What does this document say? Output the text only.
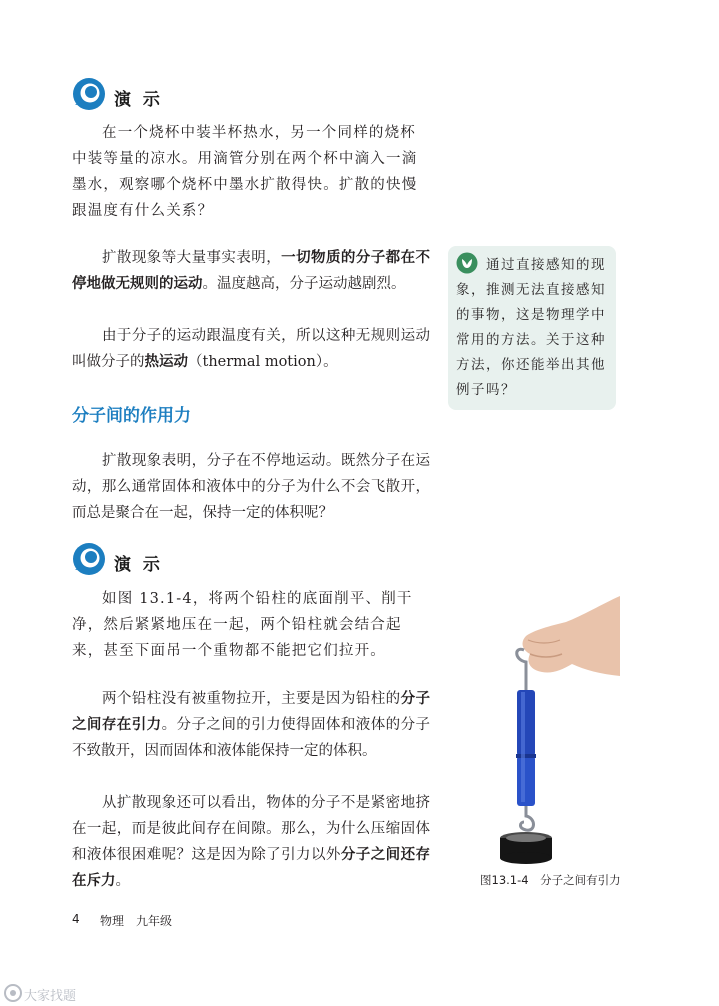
演 示
在一个烧杯中装半杯热水，另一个同样的烧杯中装等量的凉水。用滴管分别在两个杯中滴入一滴墨水，观察哪个烧杯中墨水扩散得快。扩散的快慢跟温度有什么关系？

扩散现象等大量事实表明，一切物质的分子都在不停地做无规则的运动。温度越高，分子运动越剧烈。

由于分子的运动跟温度有关，所以这种无规则运动叫做分子的热运动（thermal motion）。

通过直接感知的现象，推测无法直接感知的事物，这是物理学中常用的方法。关于这种方法，你还能举出其他例子吗？
分子间的作用力

扩散现象表明，分子在不停地运动。既然分子在运动，那么通常固体和液体中的分子为什么不会飞散开，而总是聚合在一起，保持一定的体积呢？

演 示
如图 13.1-4，将两个铅柱的底面削平、削干净，然后紧紧地压在一起，两个铅柱就会结合起来，甚至下面吊一个重物都不能把它们拉开。

两个铅柱没有被重物拉开，主要是因为铅柱的分子之间存在引力。分子之间的引力使得固体和液体的分子不致散开，因而固体和液体能保持一定的体积。

从扩散现象还可以看出，物体的分子不是紧密地挤在一起，而是彼此间存在间隙。那么，为什么压缩固体和液体很困难呢？这是因为除了引力以外分子之间还存在斥力。	图13.1-4　分子之间有引力
4 物理　九年级
大家找题
